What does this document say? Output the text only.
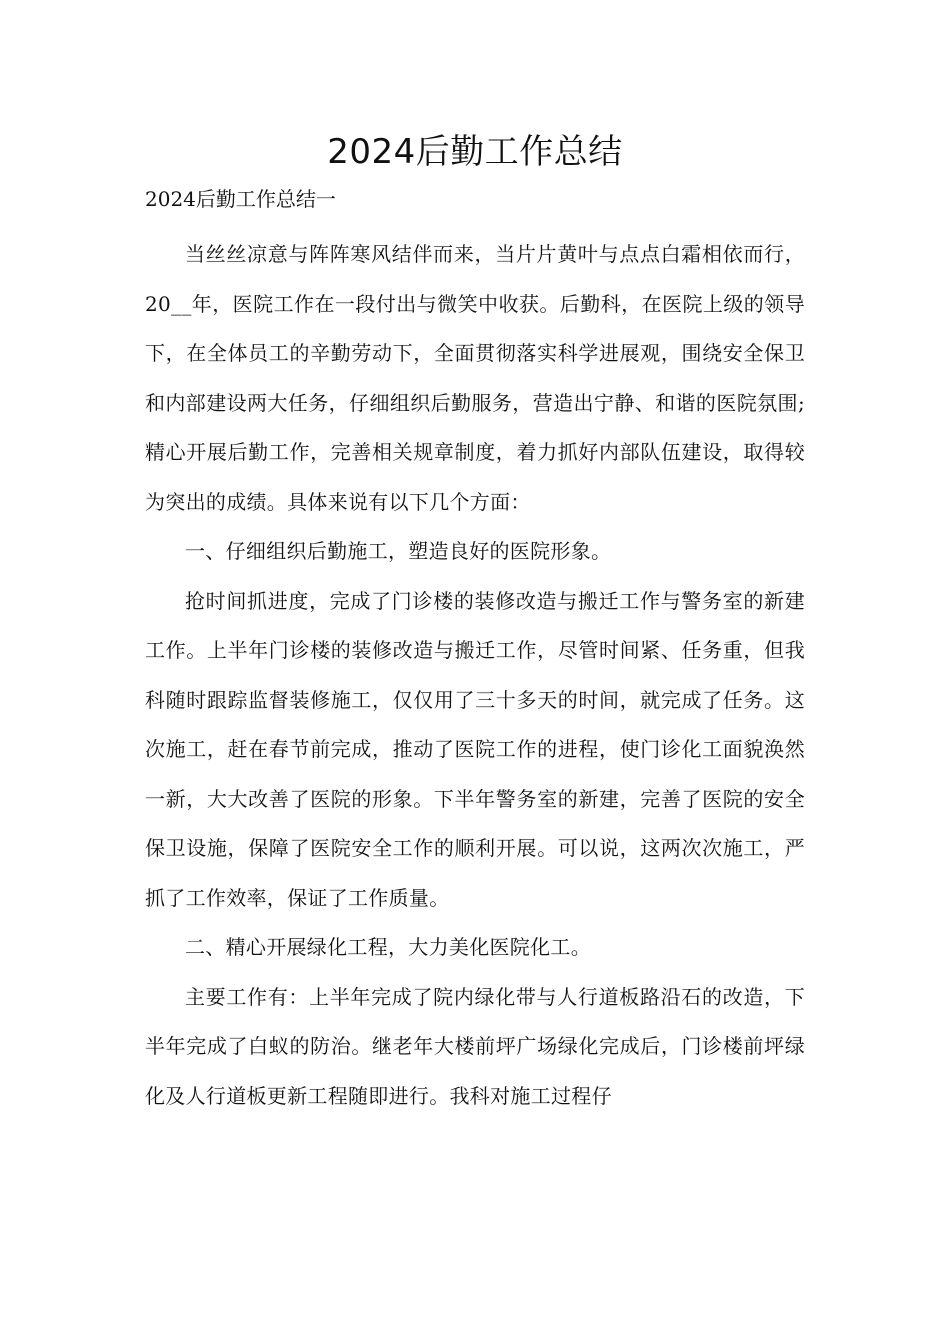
2024后勤工作总结

2024后勤工作总结一

当丝丝凉意与阵阵寒风结伴而来，当片片黄叶与点点白霜相依而行，20__年，医院工作在一段付出与微笑中收获。后勤科，在医院上级的领导下，在全体员工的辛勤劳动下，全面贯彻落实科学进展观，围绕安全保卫和内部建设两大任务，仔细组织后勤服务，营造出宁静、和谐的医院氛围;精心开展后勤工作，完善相关规章制度，着力抓好内部队伍建设，取得较为突出的成绩。具体来说有以下几个方面：

一、仔细组织后勤施工，塑造良好的医院形象。

抢时间抓进度，完成了门诊楼的装修改造与搬迁工作与警务室的新建工作。上半年门诊楼的装修改造与搬迁工作，尽管时间紧、任务重，但我科随时跟踪监督装修施工，仅仅用了三十多天的时间，就完成了任务。这次施工，赶在春节前完成，推动了医院工作的进程，使门诊化工面貌涣然一新，大大改善了医院的形象。下半年警务室的新建，完善了医院的安全保卫设施，保障了医院安全工作的顺利开展。可以说，这两次次施工，严抓了工作效率，保证了工作质量。

二、精心开展绿化工程，大力美化医院化工。

主要工作有：上半年完成了院内绿化带与人行道板路沿石的改造，下半年完成了白蚁的防治。继老年大楼前坪广场绿化完成后，门诊楼前坪绿化及人行道板更新工程随即进行。我科对施工过程仔
